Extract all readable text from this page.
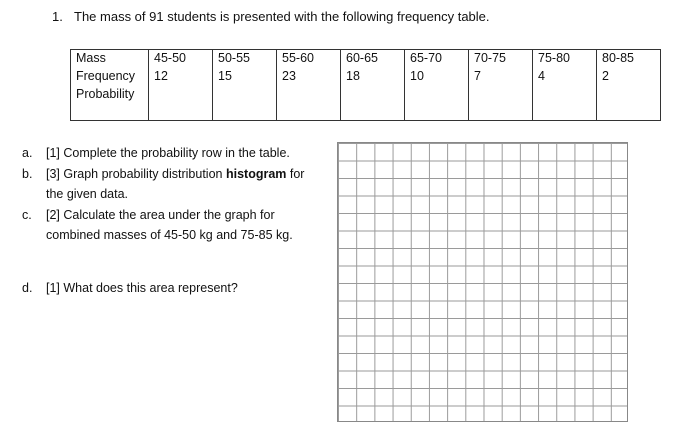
1. The mass of 91 students is presented with the following frequency table.
Mass	45-50	50-55	55-60	60-65	65-70	70-75	75-80	80-85
Frequency	12	15	23	18	10	7	4	2
Probability								
a.	[1] Complete the probability row in the table.
b.	[3] Graph probability distribution histogram for the given data.
c.	[2] Calculate the area under the graph for combined masses of 45-50 kg and 75-85 kg.
d.	[1] What does this area represent?
